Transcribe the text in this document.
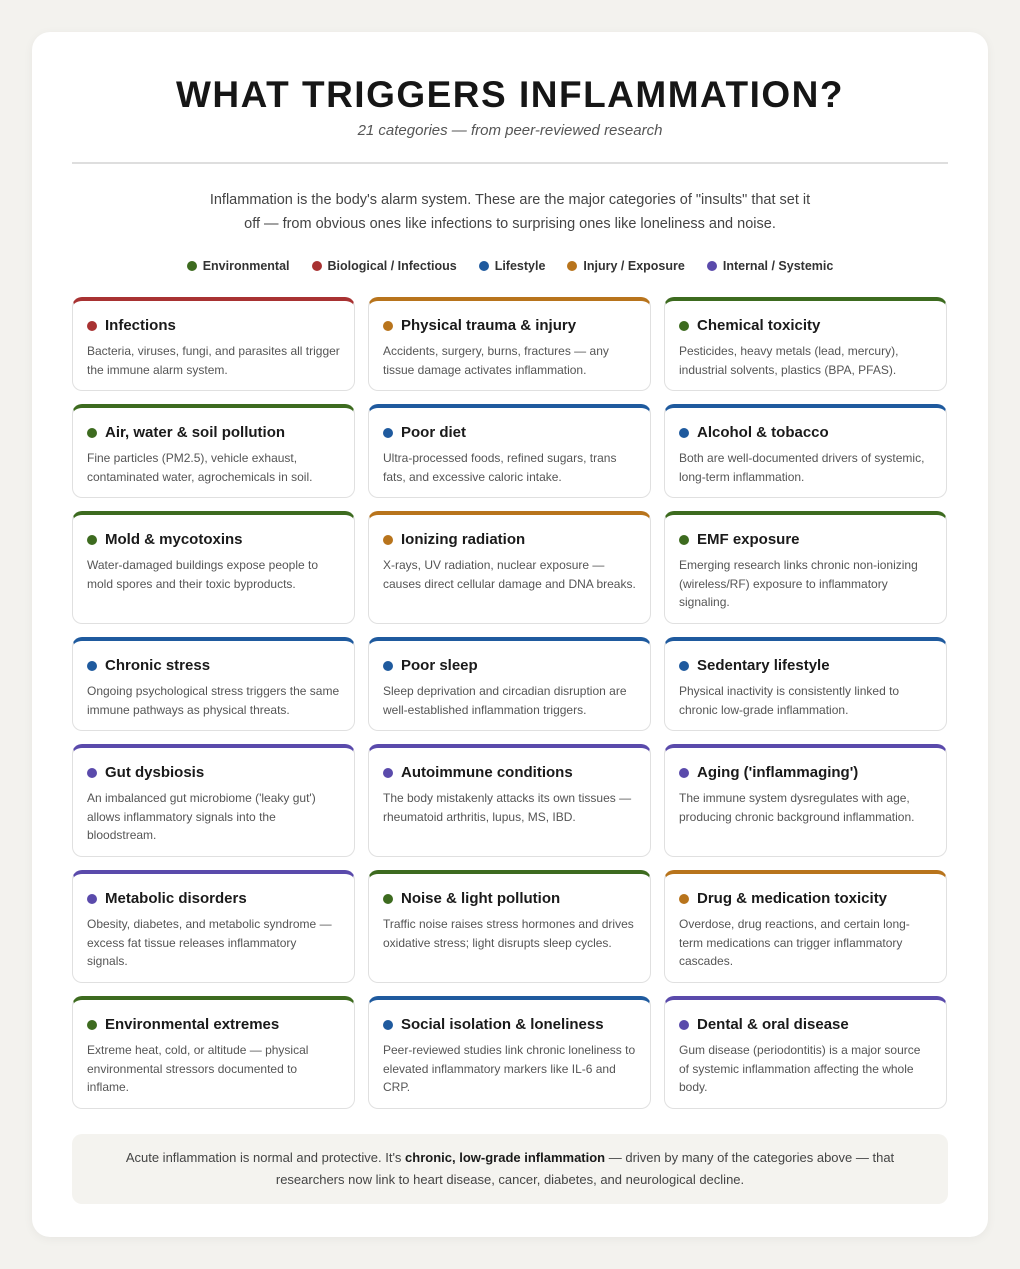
WHAT TRIGGERS INFLAMMATION?
21 categories — from peer-reviewed research

Inflammation is the body's alarm system. These are the major categories of "insults" that set it off — from obvious ones like infections to surprising ones like loneliness and noise.

Environmental	Biological / Infectious	Lifestyle	Injury / Exposure	Internal / Systemic
Infections

Bacteria, viruses, fungi, and parasites all trigger the immune alarm system.

Physical trauma & injury

Accidents, surgery, burns, fractures — any tissue damage activates inflammation.

Chemical toxicity

Pesticides, heavy metals (lead, mercury), industrial solvents, plastics (BPA, PFAS).

Air, water & soil pollution

Fine particles (PM2.5), vehicle exhaust, contaminated water, agrochemicals in soil.

Poor diet

Ultra-processed foods, refined sugars, trans fats, and excessive caloric intake.

Alcohol & tobacco

Both are well-documented drivers of systemic, long-term inflammation.

Mold & mycotoxins

Water-damaged buildings expose people to mold spores and their toxic byproducts.

Ionizing radiation

X-rays, UV radiation, nuclear exposure — causes direct cellular damage and DNA breaks.

EMF exposure

Emerging research links chronic non-ionizing (wireless/RF) exposure to inflammatory signaling.

Chronic stress

Ongoing psychological stress triggers the same immune pathways as physical threats.

Poor sleep

Sleep deprivation and circadian disruption are well-established inflammation triggers.

Sedentary lifestyle

Physical inactivity is consistently linked to chronic low-grade inflammation.

Gut dysbiosis

An imbalanced gut microbiome ('leaky gut') allows inflammatory signals into the bloodstream.

Autoimmune conditions

The body mistakenly attacks its own tissues — rheumatoid arthritis, lupus, MS, IBD.

Aging ('inflammaging')

The immune system dysregulates with age, producing chronic background inflammation.

Metabolic disorders

Obesity, diabetes, and metabolic syndrome — excess fat tissue releases inflammatory signals.

Noise & light pollution

Traffic noise raises stress hormones and drives oxidative stress; light disrupts sleep cycles.

Drug & medication toxicity

Overdose, drug reactions, and certain long-term medications can trigger inflammatory cascades.

Environmental extremes

Extreme heat, cold, or altitude — physical environmental stressors documented to inflame.

Social isolation & loneliness

Peer-reviewed studies link chronic loneliness to elevated inflammatory markers like IL-6 and CRP.

Dental & oral disease

Gum disease (periodontitis) is a major source of systemic inflammation affecting the whole body.

Acute inflammation is normal and protective. It's chronic, low-grade inflammation — driven by many of the categories above — that researchers now link to heart disease, cancer, diabetes, and neurological decline.
